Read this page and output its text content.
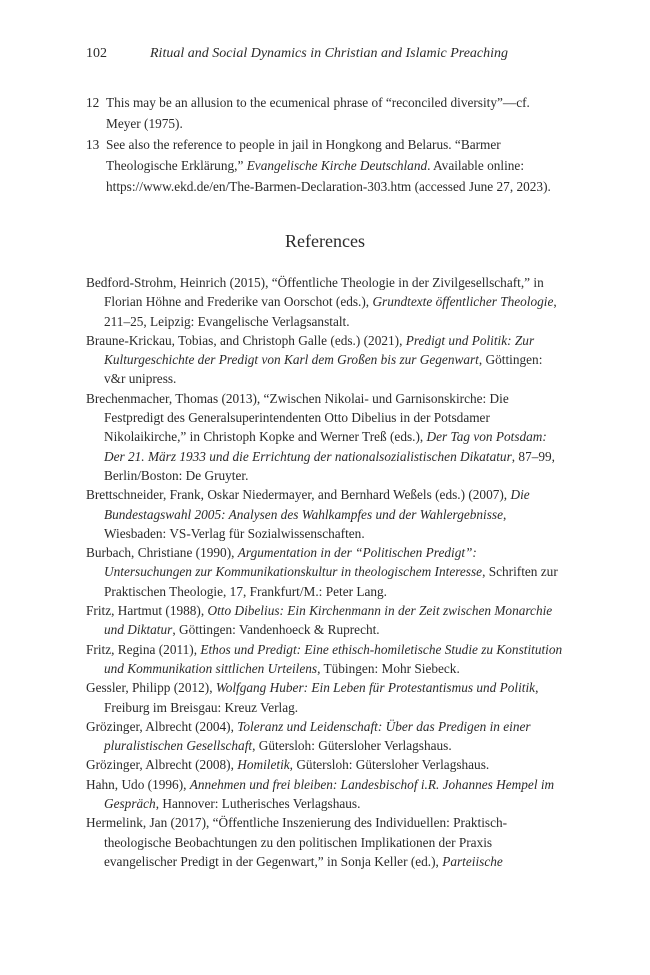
102	Ritual and Social Dynamics in Christian and Islamic Preaching
12 This may be an allusion to the ecumenical phrase of “reconciled diversity”—cf. Meyer (1975).
13 See also the reference to people in jail in Hongkong and Belarus. “Barmer Theologische Erklärung,” Evangelische Kirche Deutschland. Available online: https://www.ekd.de/en/The-Barmen-Declaration-303.htm (accessed June 27, 2023).
References

Bedford-Strohm, Heinrich (2015), “Öffentliche Theologie in der Zivilgesellschaft,” in Florian Höhne and Frederike van Oorschot (eds.), Grundtexte öffentlicher Theologie, 211–25, Leipzig: Evangelische Verlagsanstalt.

Braune-Krickau, Tobias, and Christoph Galle (eds.) (2021), Predigt und Politik: Zur Kulturgeschichte der Predigt von Karl dem Großen bis zur Gegenwart, Göttingen: v&r unipress.

Brechenmacher, Thomas (2013), “Zwischen Nikolai- und Garnisonskirche: Die Festpredigt des Generalsuperintendenten Otto Dibelius in der Potsdamer Nikolaikirche,” in Christoph Kopke and Werner Treß (eds.), Der Tag von Potsdam: Der 21. März 1933 und die Errichtung der nationalsozialistischen Dikatatur, 87–99, Berlin/Boston: De Gruyter.

Brettschneider, Frank, Oskar Niedermayer, and Bernhard Weßels (eds.) (2007), Die Bundestagswahl 2005: Analysen des Wahlkampfes und der Wahlergebnisse, Wiesbaden: VS-Verlag für Sozialwissenschaften.

Burbach, Christiane (1990), Argumentation in der “Politischen Predigt”: Untersuchungen zur Kommunikationskultur in theologischem Interesse, Schriften zur Praktischen Theologie, 17, Frankfurt/M.: Peter Lang.

Fritz, Hartmut (1988), Otto Dibelius: Ein Kirchenmann in der Zeit zwischen Monarchie und Diktatur, Göttingen: Vandenhoeck & Ruprecht.

Fritz, Regina (2011), Ethos und Predigt: Eine ethisch-homiletische Studie zu Konstitution und Kommunikation sittlichen Urteilens, Tübingen: Mohr Siebeck.

Gessler, Philipp (2012), Wolfgang Huber: Ein Leben für Protestantismus und Politik, Freiburg im Breisgau: Kreuz Verlag.

Grözinger, Albrecht (2004), Toleranz und Leidenschaft: Über das Predigen in einer pluralistischen Gesellschaft, Gütersloh: Gütersloher Verlagshaus.

Grözinger, Albrecht (2008), Homiletik, Gütersloh: Gütersloher Verlagshaus.

Hahn, Udo (1996), Annehmen und frei bleiben: Landesbischof i.R. Johannes Hempel im Gespräch, Hannover: Lutherisches Verlagshaus.

Hermelink, Jan (2017), “Öffentliche Inszenierung des Individuellen: Praktisch-theologische Beobachtungen zu den politischen Implikationen der Praxis evangelischer Predigt in der Gegenwart,” in Sonja Keller (ed.), Parteiische
